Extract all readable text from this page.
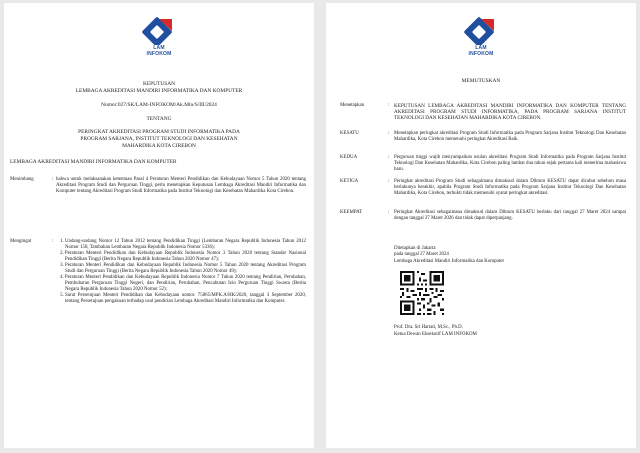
LAM
INFOKOM
KEPUTUSAN
LEMBAGA AKREDITASI MANDIRI INFORMATIKA DAN KOMPUTER
Nomor:027/SK/LAM-INFOKOM/Ak.Min/S/III/2024
TENTANG
PERINGKAT AKREDITASI PROGRAM STUDI INFORMATIKA PADA
PROGRAM SARJANA, INSTITUT TEKNOLOGI DAN KESEHATAN
MAHARDIKA KOTA CIREBON
LEMBAGA AKREDITASI MANDIRI INFORMATIKA DAN KOMPUTER
Menimbang	: bahwa untuk melaksanakan ketentuan Pasal 4 Peraturan Menteri Pendidikan dan Kebudayaan Nomor 5 Tahun 2020 tentang Akreditasi Program Studi dan Perguruan Tinggi, perlu menetapkan Keputusan Lembaga Akreditasi Mandiri Informatika dan Komputer tentang Akreditasi Program Studi Informatika pada Institut Teknologi dan Kesehatan Mahardika Kota Cirebon.
Mengingat	:
1. Undang-undang Nomor 12 Tahun 2012 tentang Pendidikan Tinggi (Lembaran Negara Republik Indonesia Tahun 2012 Nomor 158, Tambahan Lembaran Negara Republik Indonesia Nomor 5336);
2. Peraturan Menteri Pendidikan dan Kebudayaan Republik Indonesia Nomor 3 Tahun 2020 tentang Standar Nasional Pendidikan Tinggi (Berita Negara Republik Indonesia Tahun 2020 Nomor 47);
3. Peraturan Menteri Pendidikan dan Kebudayaan Republik Indonesia Nomor 5 Tahun 2020 tentang Akreditasi Program Studi dan Perguruan Tinggi (Berita Negara Republik Indonesia Tahun 2020 Nomor 49);
4. Peraturan Menteri Pendidikan dan Kebudayaan Republik Indonesia Nomor 7 Tahun 2020 tentang Pendirian, Perubahan, Pembubaran Perguruan Tinggi Negeri, dan Pendirian, Perubahan, Pencabutan Izin Perguruan Tinggi Swasta (Berita Negara Republik Indonesia Tahun 2020 Nomor 52);
5. Surat Persetujuan Menteri Pendidikan dan Kebudayaan nomor. 75865/MPK.A/HK/2020, tanggal 3 September 2020, tentang Persetujuan pengakuan terhadap usul pendirian Lembaga Akreditasi Mandiri Informatika dan Komputer.
LAM
INFOKOM
MEMUTUSKAN
Menetapkan	: KEPUTUSAN LEMBAGA AKREDITASI MANDIRI INFORMATIKA DAN KOMPUTER TENTANG AKREDITASI PROGRAM STUDI INFORMATIKA, PADA PROGRAM SARJANA INSTITUT TEKNOLOGI DAN KESEHATAN MAHARDIKA KOTA CIREBON.
KESATU	: Menetapkan peringkat akreditasi Program Studi Informatika pada Program Sarjana Institut Teknologi Dan Kesehatan Mahardika, Kota Cirebon memenuhi peringkat Akreditasi Baik.
KEDUA	: Perguruan tinggi wajib menyampaikan usulan akreditasi Program Studi Informatika pada Program Sarjana Institut Teknologi Dan Kesehatan Mahardika, Kota Cirebon paling lambat dua tahun sejak pertama kali menerima mahasiswa baru.
KETIGA	: Peringkat akreditasi Program Studi sebagaimana dimaksud dalam Diktum KESATU dapat dicabut sebelum masa berlakunya berakhir, apabila Program Studi Informatika pada Program Sarjana Institut Teknologi Dan Kesehatan Mahardika, Kota Cirebon, terbukti tidak memenuhi syarat peringkat akreditasi.
KEEMPAT	: Peringkat Akreditasi sebagaimana dimaksud dalam Diktum KESATU berlaku dari tanggal 27 Maret 2024 sampai dengan tanggal 27 Maret 2026 dan tidak dapat diperpanjang.
Ditetapkan di Jakarta
pada tanggal 27 Maret 2024
Lembaga Akreditasi Mandiri Informatika dan Komputer
Prof. Dra. Sri Hartati, M.Sc., Ph.D.
Ketua Dewan Eksekutif LAM INFOKOM
